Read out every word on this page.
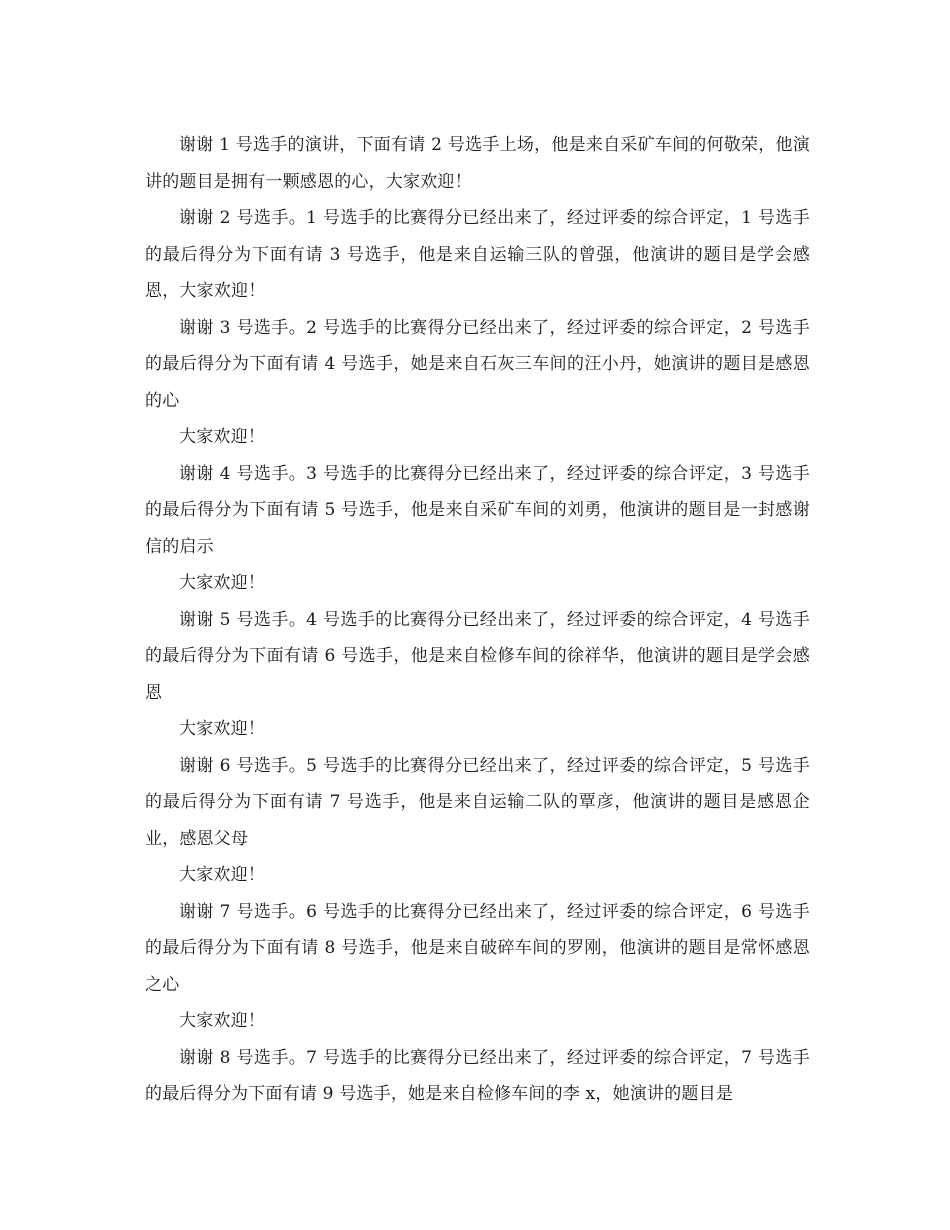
谢谢 1 号选手的演讲，下面有请 2 号选手上场，他是来自采矿车间的何敬荣，他演讲的题目是拥有一颗感恩的心，大家欢迎！

谢谢 2 号选手。1 号选手的比赛得分已经出来了，经过评委的综合评定，1 号选手的最后得分为下面有请 3 号选手，他是来自运输三队的曾强，他演讲的题目是学会感恩，大家欢迎！

谢谢 3 号选手。2 号选手的比赛得分已经出来了，经过评委的综合评定，2 号选手的最后得分为下面有请 4 号选手，她是来自石灰三车间的汪小丹，她演讲的题目是感恩的心

大家欢迎！

谢谢 4 号选手。3 号选手的比赛得分已经出来了，经过评委的综合评定，3 号选手的最后得分为下面有请 5 号选手，他是来自采矿车间的刘勇，他演讲的题目是一封感谢信的启示

大家欢迎！

谢谢 5 号选手。4 号选手的比赛得分已经出来了，经过评委的综合评定，4 号选手的最后得分为下面有请 6 号选手，他是来自检修车间的徐祥华，他演讲的题目是学会感恩

大家欢迎！

谢谢 6 号选手。5 号选手的比赛得分已经出来了，经过评委的综合评定，5 号选手的最后得分为下面有请 7 号选手，他是来自运输二队的覃彦，他演讲的题目是感恩企业，感恩父母

大家欢迎！

谢谢 7 号选手。6 号选手的比赛得分已经出来了，经过评委的综合评定，6 号选手的最后得分为下面有请 8 号选手，他是来自破碎车间的罗刚，他演讲的题目是常怀感恩之心

大家欢迎！

谢谢 8 号选手。7 号选手的比赛得分已经出来了，经过评委的综合评定，7 号选手的最后得分为下面有请 9 号选手，她是来自检修车间的李 x，她演讲的题目是
